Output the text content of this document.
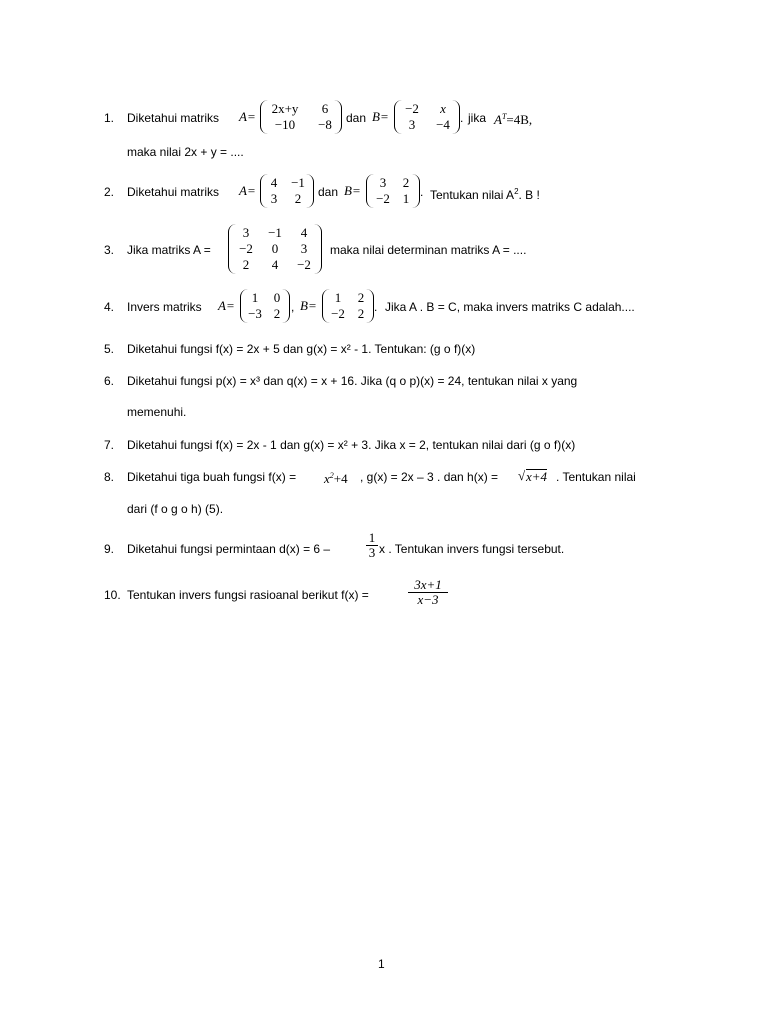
1. Diketahui matriks A=
2x+y	6
−10	−8	dan B=
−2	x
3	−4 . jika $A^T=4B$,
maka nilai 2x + y = ....
2. Diketahui matriks A=
4	−1
3	2	dan B=
3	2
−2 1 . Tentukan nilai $A^2$. B !
3. Jika matriks A =
3	−1	4
−2	0	3
2	4	−2
maka nilai determinan matriks A = ....
4. Invers matriks A=
1	0
−3 2 , B=
1	2
−2 2 . Jika A . B = C, maka invers matriks C adalah....
5. Diketahui fungsi f(x) = 2x + 5 dan g(x) = x² - 1. Tentukan: (g o f)(x)
6. Diketahui fungsi p(x) = x³ dan q(x) = x + 16. Jika (q o p)(x) = 24, tentukan nilai x yang
memenuhi.
7. Diketahui fungsi f(x) = 2x - 1 dan g(x) = x² + 3. Jika x = 2, tentukan nilai dari (g o f)(x)
8. Diketahui tiga buah fungsi $f(x) = x^2+4$ , g(x) = 2x – 3 . dan h(x) = √ x+4 . Tentukan nilai
dari (f o g o h) (5).
9. Diketahui fungsi permintaan d(x) = 6 –
1
3 x . Tentukan invers fungsi tersebut.
10. Tentukan invers fungsi rasioanal berikut f(x) =
3x+1
x−3
1
